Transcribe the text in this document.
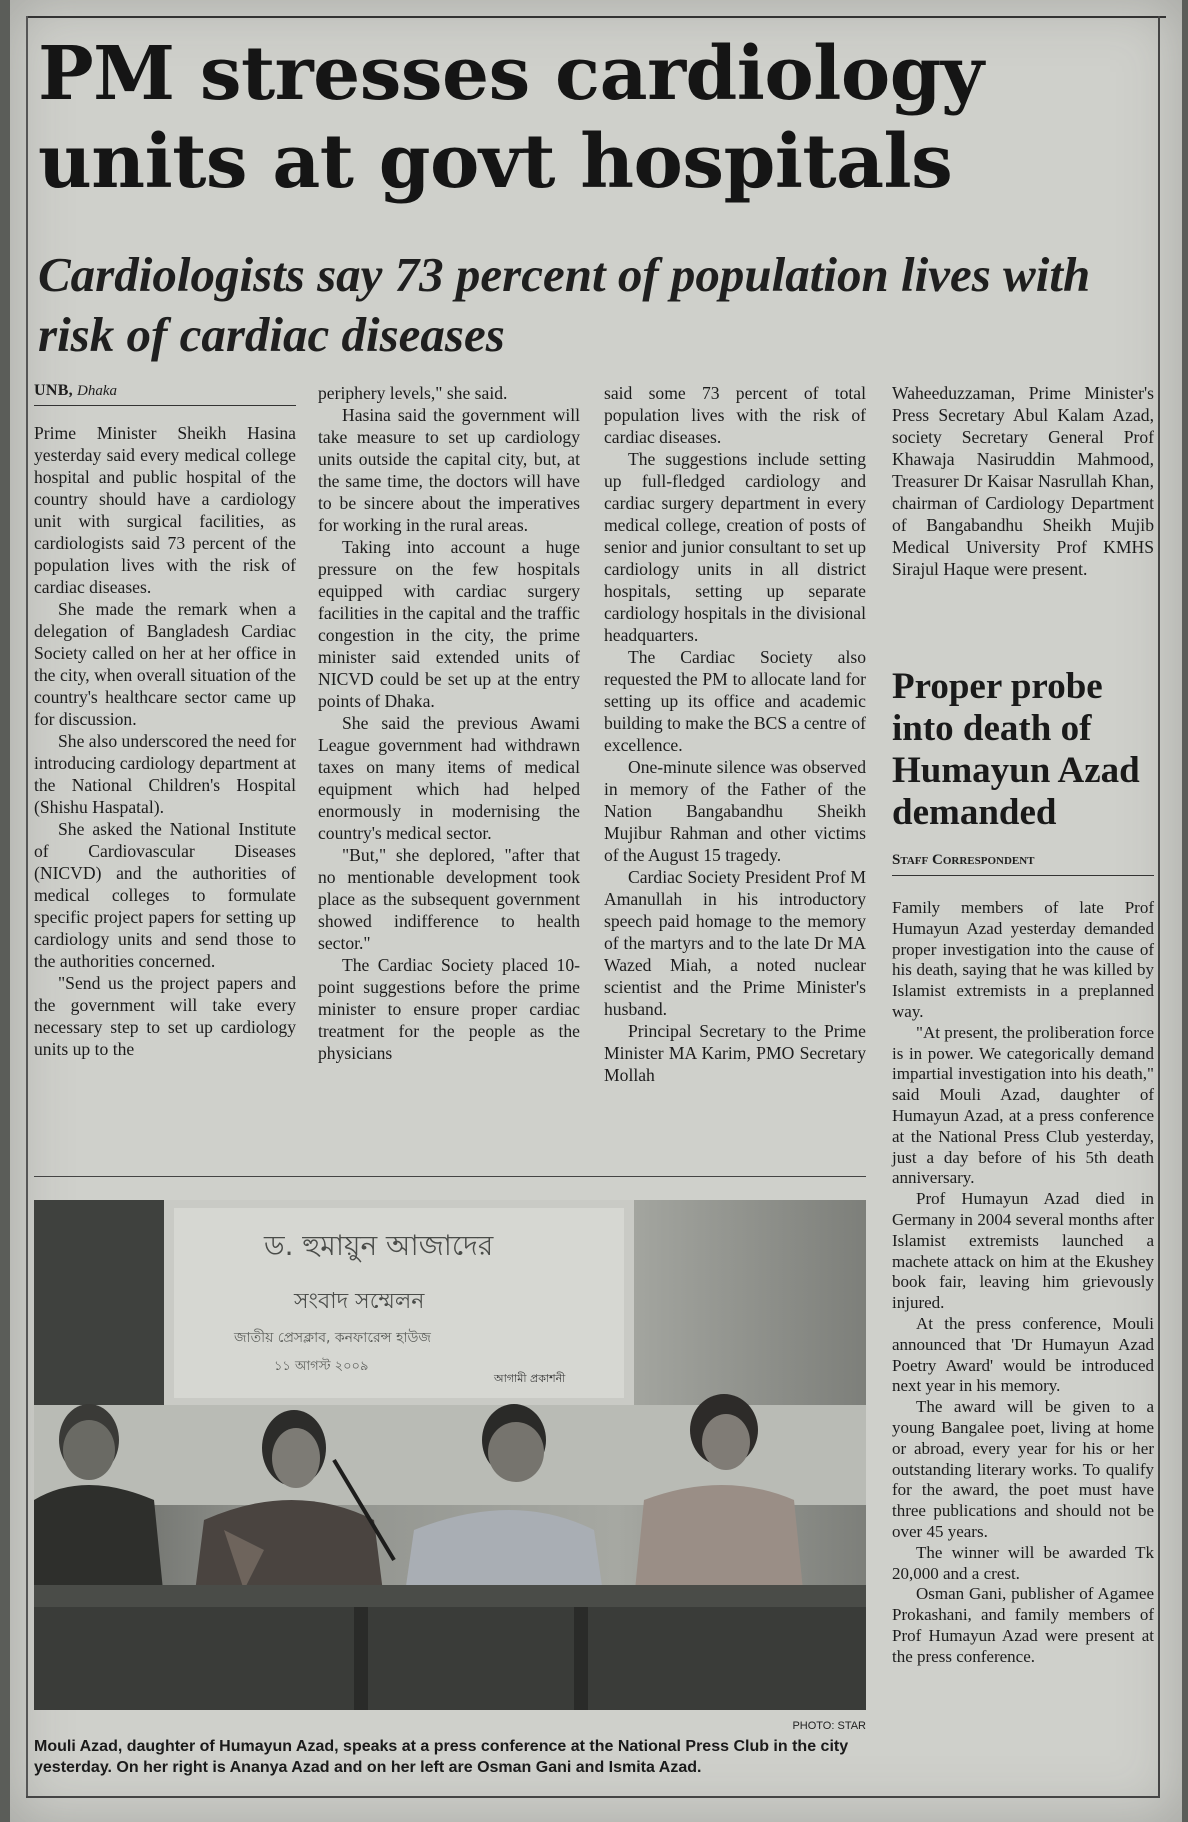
PM stresses cardiology units at govt hospitals
Cardiologists say 73 percent of population lives with risk of cardiac diseases
UNB, Dhaka

Prime Minister Sheikh Hasina yesterday said every medical college hospital and public hospital of the country should have a cardiology unit with surgical facilities, as cardiologists said 73 percent of the population lives with the risk of cardiac diseases.

She made the remark when a delegation of Bangladesh Cardiac Society called on her at her office in the city, when overall situation of the country's healthcare sector came up for discussion.

She also underscored the need for introducing cardiology department at the National Children's Hospital (Shishu Haspatal).

She asked the National Institute of Cardiovascular Diseases (NICVD) and the authorities of medical colleges to formulate specific project papers for setting up cardiology units and send those to the authorities concerned.

"Send us the project papers and the government will take every necessary step to set up cardiology units up to the

periphery levels," she said.

Hasina said the government will take measure to set up cardiology units outside the capital city, but, at the same time, the doctors will have to be sincere about the imperatives for working in the rural areas.

Taking into account a huge pressure on the few hospitals equipped with cardiac surgery facilities in the capital and the traffic congestion in the city, the prime minister said extended units of NICVD could be set up at the entry points of Dhaka.

She said the previous Awami League government had withdrawn taxes on many items of medical equipment which had helped enormously in modernising the country's medical sector.

"But," she deplored, "after that no mentionable development took place as the subsequent government showed indifference to health sector."

The Cardiac Society placed 10-point suggestions before the prime minister to ensure proper cardiac treatment for the people as the physicians

said some 73 percent of total population lives with the risk of cardiac diseases.

The suggestions include setting up full-fledged cardiology and cardiac surgery department in every medical college, creation of posts of senior and junior consultant to set up cardiology units in all district hospitals, setting up separate cardiology hospitals in the divisional headquarters.

The Cardiac Society also requested the PM to allocate land for setting up its office and academic building to make the BCS a centre of excellence.

One-minute silence was observed in memory of the Father of the Nation Bangabandhu Sheikh Mujibur Rahman and other victims of the August 15 tragedy.

Cardiac Society President Prof M Amanullah in his introductory speech paid homage to the memory of the martyrs and to the late Dr MA Wazed Miah, a noted nuclear scientist and the Prime Minister's husband.

Principal Secretary to the Prime Minister MA Karim, PMO Secretary Mollah

Waheeduzzaman, Prime Minister's Press Secretary Abul Kalam Azad, society Secretary General Prof Khawaja Nasiruddin Mahmood, Treasurer Dr Kaisar Nasrullah Khan, chairman of Cardiology Department of Bangabandhu Sheikh Mujib Medical University Prof KMHS Sirajul Haque were present.

Proper probe into death of Humayun Azad demanded
Staff Correspondent

Family members of late Prof Humayun Azad yesterday demanded proper investigation into the cause of his death, saying that he was killed by Islamist extremists in a preplanned way.

"At present, the proliberation force is in power. We categorically demand impartial investigation into his death," said Mouli Azad, daughter of Humayun Azad, at a press conference at the National Press Club yesterday, just a day before of his 5th death anniversary.

Prof Humayun Azad died in Germany in 2004 several months after Islamist extremists launched a machete attack on him at the Ekushey book fair, leaving him grievously injured.

At the press conference, Mouli announced that 'Dr Humayun Azad Poetry Award' would be introduced next year in his memory.

The award will be given to a young Bangalee poet, living at home or abroad, every year for his or her outstanding literary works. To qualify for the award, the poet must have three publications and should not be over 45 years.

The winner will be awarded Tk 20,000 and a crest.

Osman Gani, publisher of Agamee Prokashani, and family members of Prof Humayun Azad were present at the press conference.

ড. হুমায়ুন আজাদের
সংবাদ সম্মেলন
জাতীয় প্রেসক্লাব, কনফারেন্স হাউজ
১১ আগস্ট ২০০৯
আগামী প্রকাশনী
PHOTO: STAR

Mouli Azad, daughter of Humayun Azad, speaks at a press conference at the National Press Club in the city yesterday. On her right is Ananya Azad and on her left are Osman Gani and Ismita Azad.
